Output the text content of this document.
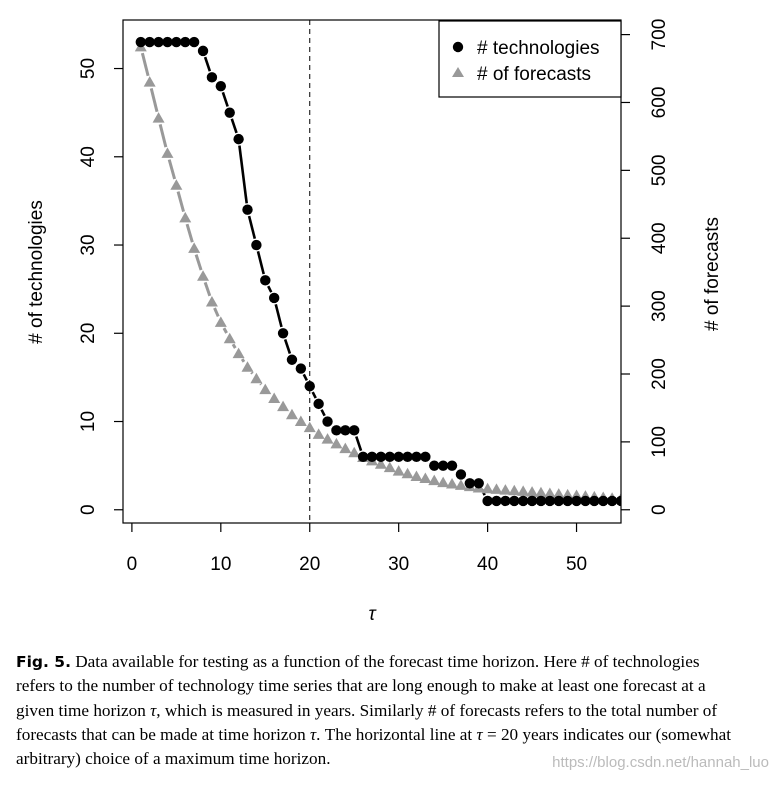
0	10	20	30	40	50
0
10
20
30
40
50
0
100
200
300
400
500
600
700
τ
# of technologies	# of forecasts
# technologies
# of forecasts
Fig. 5. Data available for testing as a function of the forecast time horizon. Here # of technologies refers to the number of technology time series that are long enough to make at least one forecast at a given time horizon τ, which is measured in years. Similarly # of forecasts refers to the total number of forecasts that can be made at time horizon τ. The horizontal line at τ = 20 years indicates our (somewhat arbitrary) choice of a maximum time horizon.	https://blog.csdn.net/hannah_luo
